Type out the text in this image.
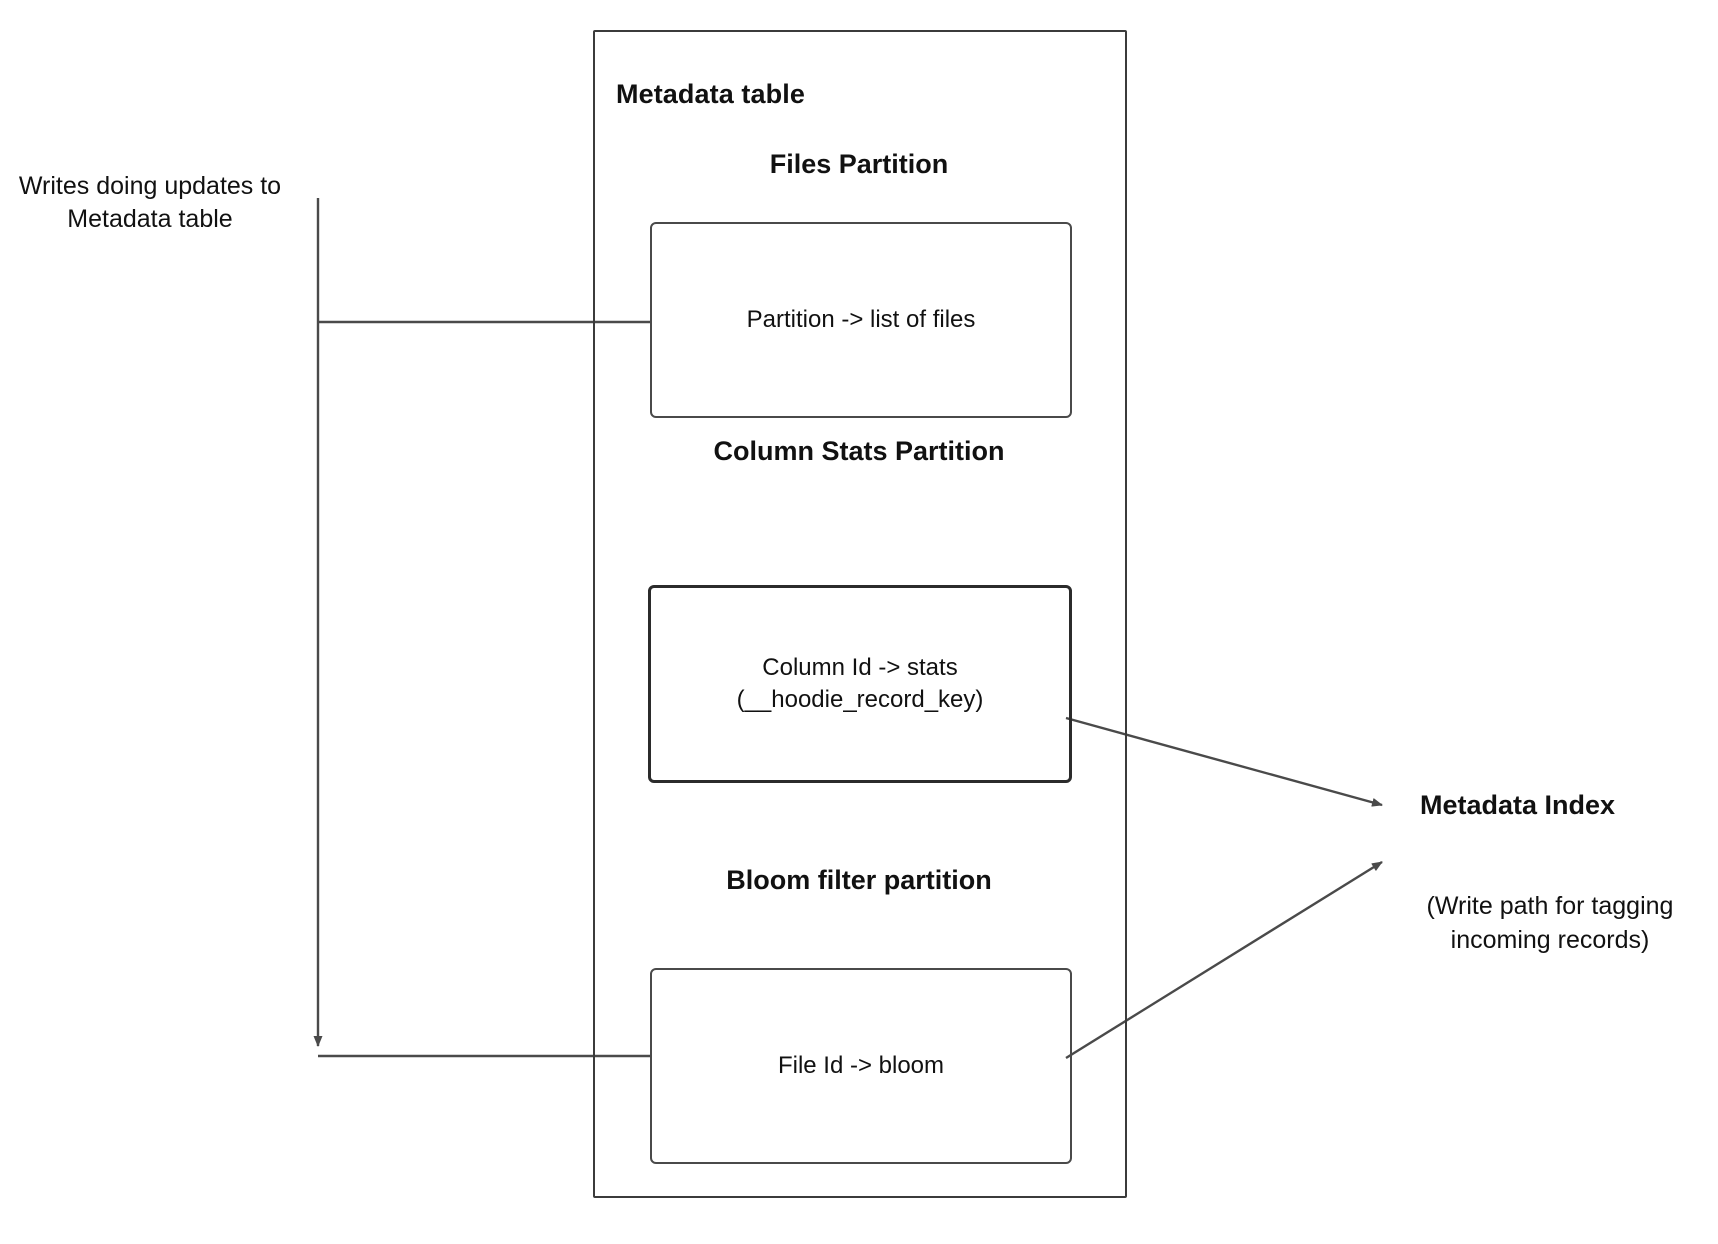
Writes doing updates to Metadata table
Metadata table
Files Partition
Partition -> list of files
Column Stats Partition
Column Id -> stats
(__hoodie_record_key)
Bloom filter partition
File Id -> bloom
Metadata Index
(Write path for tagging incoming records)
